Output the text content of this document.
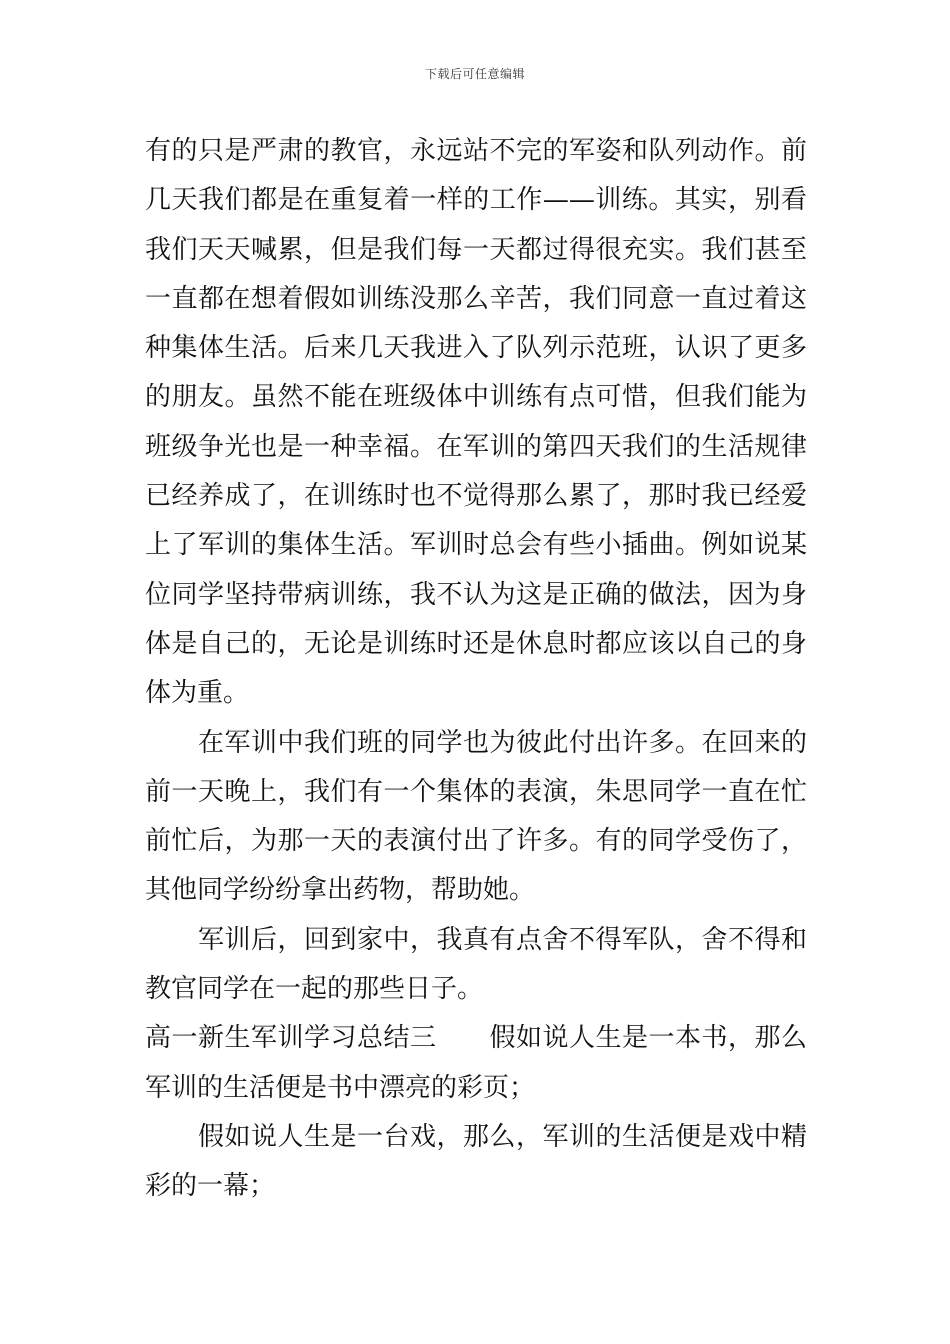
下载后可任意编辑
有的只是严肃的教官，永远站不完的军姿和队列动作。前
几天我们都是在重复着一样的工作——训练。其实，别看
我们天天喊累，但是我们每一天都过得很充实。我们甚至
一直都在想着假如训练没那么辛苦，我们同意一直过着这
种集体生活。后来几天我进入了队列示范班，认识了更多
的朋友。虽然不能在班级体中训练有点可惜，但我们能为
班级争光也是一种幸福。在军训的第四天我们的生活规律
已经养成了，在训练时也不觉得那么累了，那时我已经爱
上了军训的集体生活。军训时总会有些小插曲。例如说某
位同学坚持带病训练，我不认为这是正确的做法，因为身
体是自己的，无论是训练时还是休息时都应该以自己的身
体为重。
　　在军训中我们班的同学也为彼此付出许多。在回来的
前一天晚上，我们有一个集体的表演，朱思同学一直在忙
前忙后，为那一天的表演付出了许多。有的同学受伤了，
其他同学纷纷拿出药物，帮助她。
　　军训后，回到家中，我真有点舍不得军队，舍不得和
教官同学在一起的那些日子。
高一新生军训学习总结三　　假如说人生是一本书，那么
军训的生活便是书中漂亮的彩页；
　　假如说人生是一台戏，那么，军训的生活便是戏中精
彩的一幕；
